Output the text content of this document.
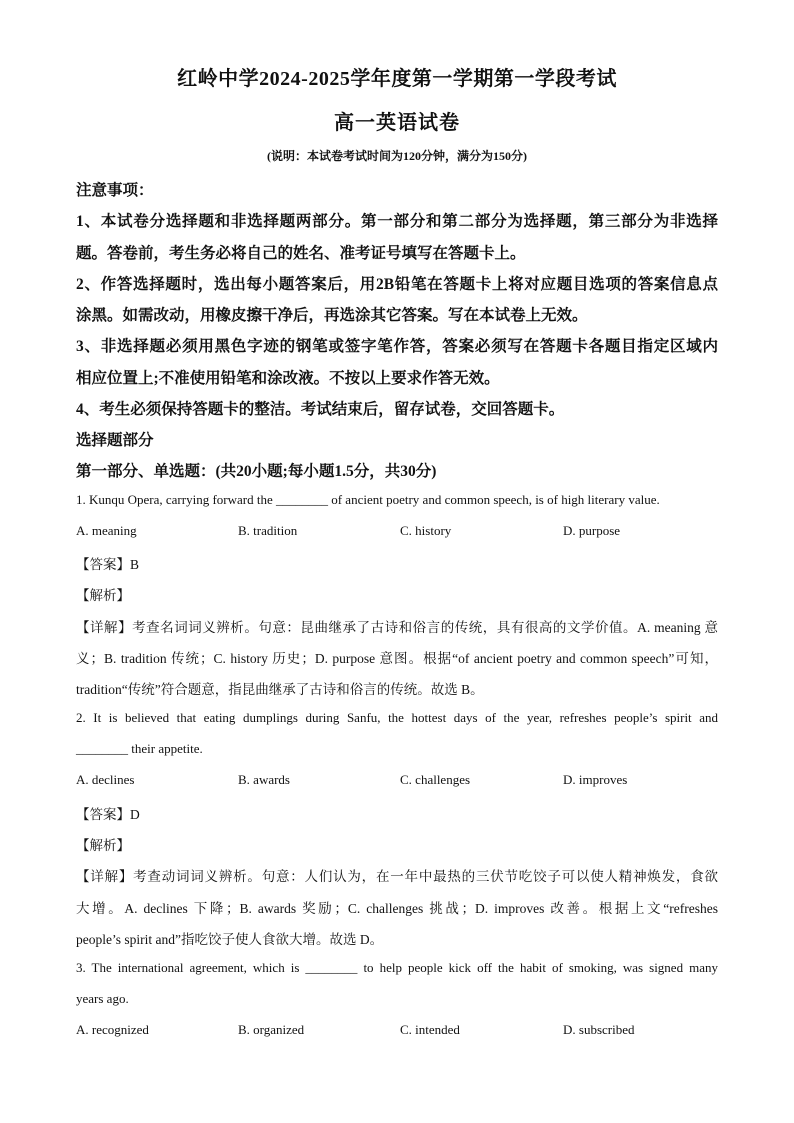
红岭中学2024-2025学年度第一学期第一学段考试
高一英语试卷
(说明：本试卷考试时间为120分钟，满分为150分)
注意事项：
1、本试卷分选择题和非选择题两部分。第一部分和第二部分为选择题，第三部分为非选择
题。答卷前，考生务必将自己的姓名、准考证号填写在答题卡上。
2、作答选择题时，选出每小题答案后，用2B铅笔在答题卡上将对应题目选项的答案信息点
涂黑。如需改动，用橡皮擦干净后，再选涂其它答案。写在本试卷上无效。
3、非选择题必须用黑色字迹的钢笔或签字笔作答，答案必须写在答题卡各题目指定区域内
相应位置上;不准使用铅笔和涂改液。不按以上要求作答无效。
4、考生必须保持答题卡的整洁。考试结束后，留存试卷，交回答题卡。
选择题部分
第一部分、单选题：(共20小题;每小题1.5分，共30分)
1. Kunqu Opera, carrying forward the ________ of ancient poetry and common speech, is of high literary value.
A. meaning	B. tradition	C. history	D. purpose
【答案】B
【解析】
【详解】考查名词词义辨析。句意：昆曲继承了古诗和俗言的传统，具有很高的文学价值。A. meaning 意
义；B. tradition 传统；C. history 历史；D. purpose 意图。根据“of ancient poetry and common speech”可知，
tradition“传统”符合题意，指昆曲继承了古诗和俗言的传统。故选 B。
2. It is believed that eating dumplings during Sanfu, the hottest days of the year, refreshes people’s spirit and
________ their appetite.
A. declines	B. awards	C. challenges	D. improves
【答案】D
【解析】
【详解】考查动词词义辨析。句意：人们认为，在一年中最热的三伏节吃饺子可以使人精神焕发，食欲
大增。A. declines 下降；B. awards 奖励；C. challenges 挑战；D. improves 改善。根据上文“refreshes
people’s spirit and”指吃饺子使人食欲大增。故选 D。
3. The international agreement, which is ________ to help people kick off the habit of smoking, was signed many
years ago.
A. recognized	B. organized	C. intended	D. subscribed
